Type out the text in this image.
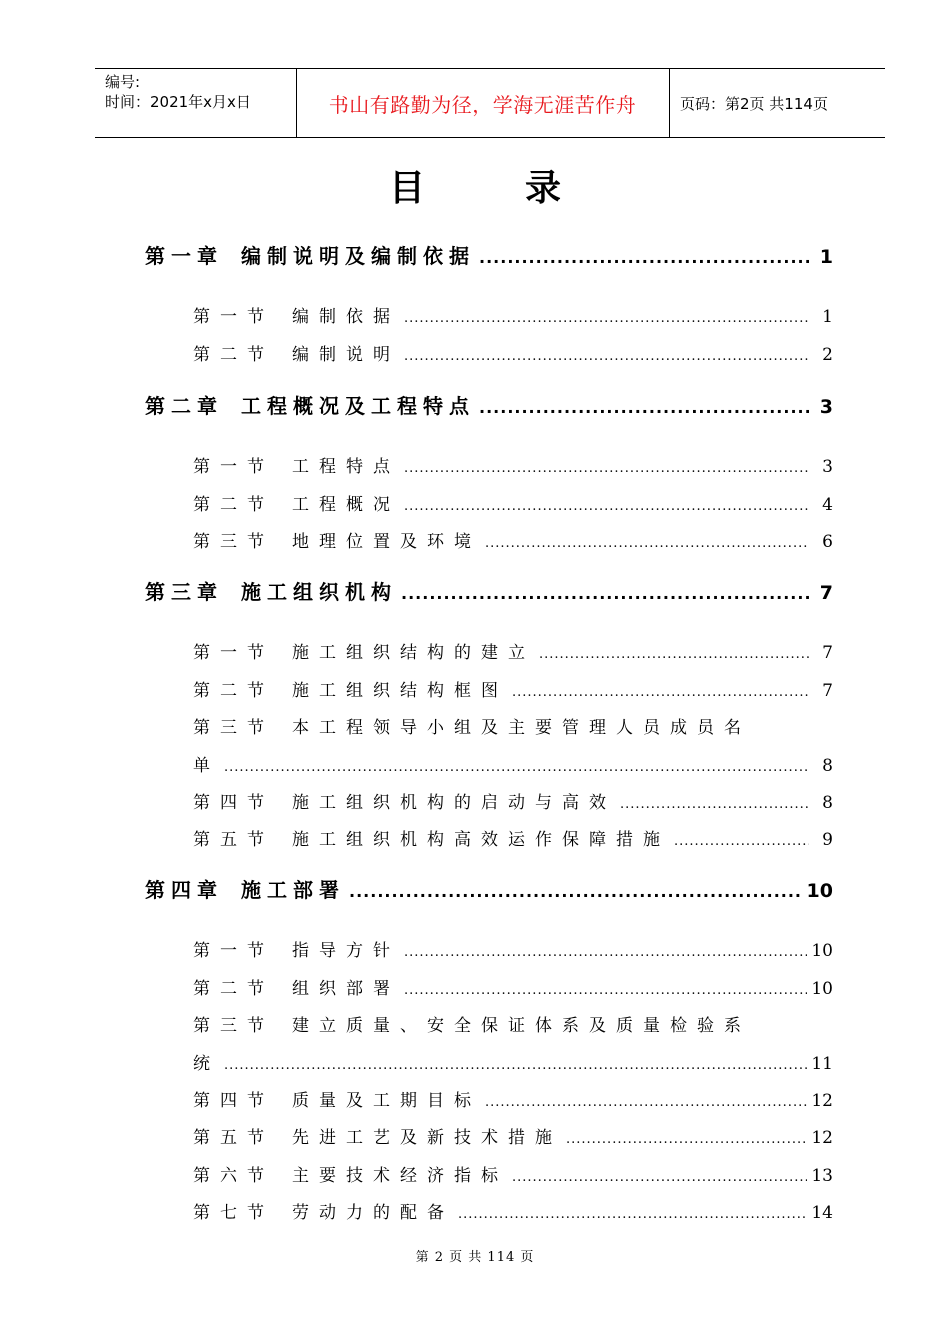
编号:
时间：2021年x月x日	书山有路勤为径，学海无涯苦作舟	页码：第2页 共114页
目录
第一章 编制说明及编制依据 .....	1
第一节 编制依据 .....	1
第二节 编制说明 .....	2
第二章 工程概况及工程特点 .....	3
第一节 工程特点 .....	3
第二节 工程概况 .....	4
第三节 地理位置及环境 .....	6
第三章 施工组织机构 .....	7
第一节 施工组织结构的建立 .....	7
第二节 施工组织结构框图 .....	7
第三节 本工程领导小组及主要管理人员成员名
单 .....	8
第四节 施工组织机构的启动与高效 .....	8
第五节 施工组织机构高效运作保障措施 .....	9
第四章 施工部署 .....	10
第一节 指导方针 .....	10
第二节 组织部署 .....	10
第三节 建立质量、安全保证体系及质量检验系
统 .....	11
第四节 质量及工期目标 .....	12
第五节 先进工艺及新技术措施 .....	12
第六节 主要技术经济指标 .....	13
第七节 劳动力的配备 .....	14
第 2 页 共 114 页
